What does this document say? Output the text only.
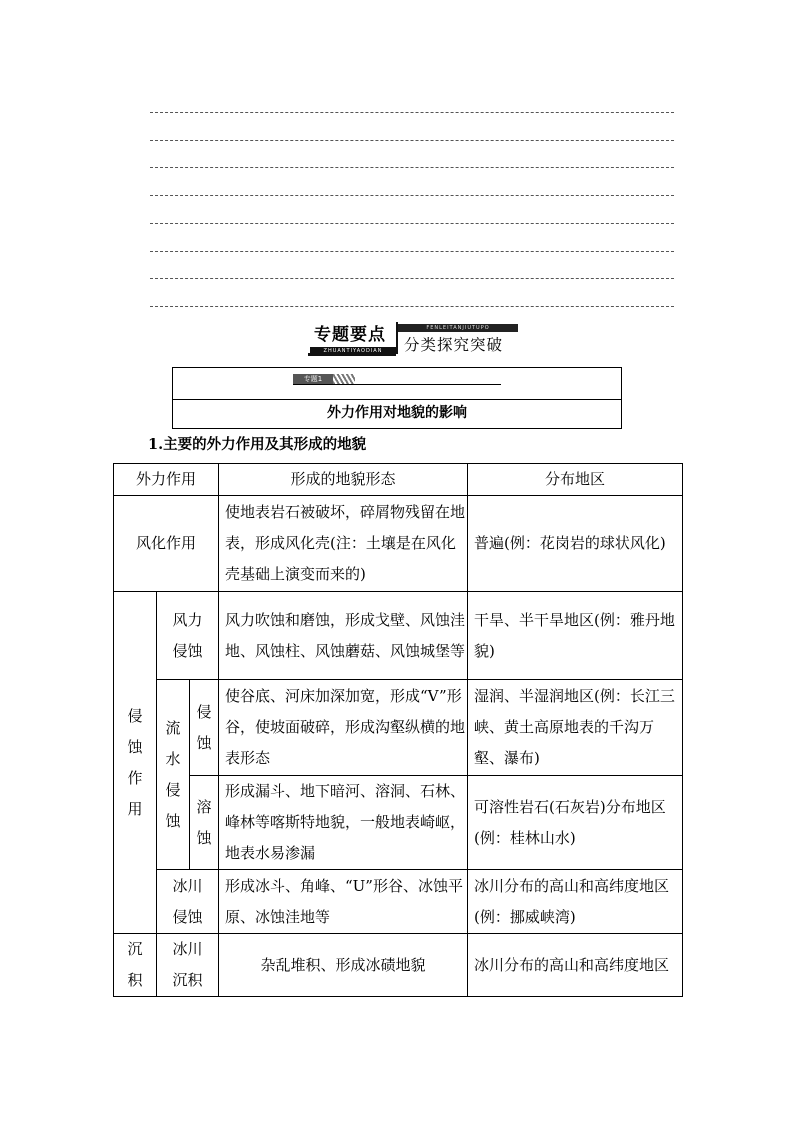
专题要点
ZHUANTIYAODIAN
FENLEITANJIUTUPO
分类探究突破
专题1
外力作用对地貌的影响
1.主要的外力作用及其形成的地貌
外力作用			形成的地貌形态	分布地区
风化作用			使地表岩石被破坏，碎屑物残留在地表，形成风化壳(注：土壤是在风化壳基础上演变而来的)	普遍(例：花岗岩的球状风化)
侵蚀作用	风力侵蚀		风力吹蚀和磨蚀，形成戈壁、风蚀洼地、风蚀柱、风蚀蘑菇、风蚀城堡等	干旱、半干旱地区(例：雅丹地貌)
	流水侵蚀	侵蚀	使谷底、河床加深加宽，形成“V”形谷，使坡面破碎，形成沟壑纵横的地表形态	湿润、半湿润地区(例：长江三峡、黄土高原地表的千沟万壑、瀑布)
		溶蚀	形成漏斗、地下暗河、溶洞、石林、峰林等喀斯特地貌，一般地表崎岖，地表水易渗漏	可溶性岩石(石灰岩)分布地区(例：桂林山水)
	冰川侵蚀		形成冰斗、角峰、“U”形谷、冰蚀平原、冰蚀洼地等	冰川分布的高山和高纬度地区(例：挪威峡湾)
沉积	冰川沉积		杂乱堆积、形成冰碛地貌	冰川分布的高山和高纬度地区
